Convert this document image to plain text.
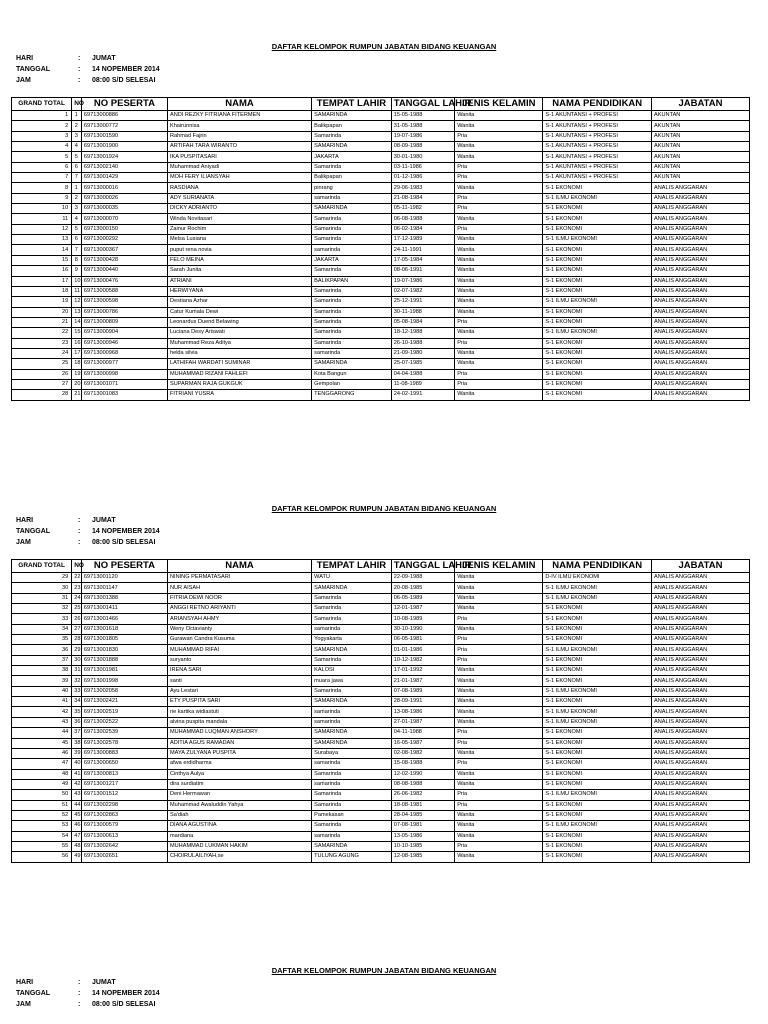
DAFTAR KELOMPOK RUMPUN JABATAN BIDANG KEUANGAN
HARI	:	JUMAT
TANGGAL	:	14 NOPEMBER 2014
JAM	:	08:00 S/D SELESAI
GRAND TOTAL	NO	NO PESERTA	NAMA	TEMPAT LAHIR	TANGGAL LAHIR	JENIS KELAMIN	NAMA PENDIDIKAN	JABATAN
1	1	69713000886	ANDI REZKY FITRIANA FITERMEN	SAMARINDA	15-05-1988	Wanita	S-1 AKUNTANSI + PROFESI	AKUNTAN
2	2	69713000772	Khairunnisa	Balikpapan	31-05-1988	Wanita	S-1 AKUNTANSI + PROFESI	AKUNTAN
3	3	69713001590	Rahmad Fajrin	Samarinda	19-07-1986	Pria	S-1 AKUNTANSI + PROFESI	AKUNTAN
4	4	69713001900	ARTIFAH TARA WIRANTO	SAMARINDA	08-09-1988	Wanita	S-1 AKUNTANSI + PROFESI	AKUNTAN
5	5	69713001924	IKA PUSPITASARI	JAKARTA	30-01-1980	Wanita	S-1 AKUNTANSI + PROFESI	AKUNTAN
6	6	69713002140	Muhammad Aniyadi	Samarinda	03-11-1986	Pria	S-1 AKUNTANSI + PROFESI	AKUNTAN
7	7	69713001429	MOH FERY ILIANSYAH	Balikpapan	01-12-1986	Pria	S-1 AKUNTANSI + PROFESI	AKUNTAN
8	1	69713000016	RASDIANA	pinrang	29-06-1983	Wanita	S-1 EKONOMI	ANALIS ANGGARAN
9	2	69713000026	ADY SURIANATA	samarinda	21-08-1984	Pria	S-1 ILMU EKONOMI	ANALIS ANGGARAN
10	3	69713000035	DICKY ADRIANTO	SAMARINDA	05-11-1982	Pria	S-1 EKONOMI	ANALIS ANGGARAN
11	4	69713000070	Winda Novitasari	Samarinda	06-08-1988	Wanita	S-1 EKONOMI	ANALIS ANGGARAN
12	5	69713000150	Zainur Rochim	Samarinda	06-02-1984	Pria	S-1 EKONOMI	ANALIS ANGGARAN
13	6	69713000292	Melsa Lusiana	Samarinda	17-12-1989	Wanita	S-1 ILMU EKONOMI	ANALIS ANGGARAN
14	7	69713000367	puput rena novia	samarinda	24-11-1991	Wanita	S-1 EKONOMI	ANALIS ANGGARAN
15	8	69713000428	FELO MEINA	JAKARTA	17-05-1984	Wanita	S-1 EKONOMI	ANALIS ANGGARAN
16	9	69713000440	Sarah Junita	Samarinda	08-06-1991	Wanita	S-1 EKONOMI	ANALIS ANGGARAN
17	10	69713000476	ATRIANI	BALIKPAPAN	19-07-1986	Wanita	S-1 EKONOMI	ANALIS ANGGARAN
18	11	69713000588	HERWIYANA	Samarinda	02-07-1982	Wanita	S-1 EKONOMI	ANALIS ANGGARAN
19	12	69713000598	Destiana Azhar	Samarinda	25-12-1991	Wanita	S-1 ILMU EKONOMI	ANALIS ANGGARAN
20	13	69713000786	Catur Kumala Dewi	Samarinda	30-11-1988	Wanita	S-1 EKONOMI	ANALIS ANGGARAN
21	14	69713000809	Leonardus Duend Belawing	Samarinda	05-08-1984	Pria	S-1 EKONOMI	ANALIS ANGGARAN
22	15	69713000904	Luciana Desy Ariswati	Samarinda	18-12-1988	Wanita	S-1 ILMU EKONOMI	ANALIS ANGGARAN
23	16	69713000946	Muhammad Reza Aditya	Samarinda	26-10-1988	Pria	S-1 EKONOMI	ANALIS ANGGARAN
24	17	69713000968	helda silvia	samarinda	21-09-1980	Wanita	S-1 EKONOMI	ANALIS ANGGARAN
25	18	69713000977	LATHIFAH WARDATI SUMINAR	SAMARINDA	25-07-1985	Wanita	S-1 EKONOMI	ANALIS ANGGARAN
26	19	69713000998	MUHAMMAD RIZANI FAHLEFI	Kota Bangun	04-04-1988	Pria	S-1 EKONOMI	ANALIS ANGGARAN
27	20	69713001071	SUPARMAN RAJA GUKGUK	Gempolan	11-08-1989	Pria	S-1 EKONOMI	ANALIS ANGGARAN
28	21	69713001083	FITRIANI YUSRA	TENGGARONG	24-02-1991	Wanita	S-1 EKONOMI	ANALIS ANGGARAN
DAFTAR KELOMPOK RUMPUN JABATAN BIDANG KEUANGAN
HARI	:	JUMAT
TANGGAL	:	14 NOPEMBER 2014
JAM	:	08:00 S/D SELESAI
GRAND TOTAL	NO	NO PESERTA	NAMA	TEMPAT LAHIR	TANGGAL LAHIR	JENIS KELAMIN	NAMA PENDIDIKAN	JABATAN
29	22	69713001120	NINING PERMATASARI	WATU	22-09-1988	Wanita	D-IV ILMU EKONOMI	ANALIS ANGGARAN
30	23	69713001147	NUR AISAH	SAMARINDA	20-08-1985	Wanita	S-1 ILMU EKONOMI	ANALIS ANGGARAN
31	24	69713001388	FITRIA DEWI NOOR	Samarinda	06-05-1989	Wanita	S-1 ILMU EKONOMI	ANALIS ANGGARAN
32	25	69713001411	ANGGI RETNO ARIYANTI	Samarinda	12-01-1987	Wanita	S-1 EKONOMI	ANALIS ANGGARAN
33	26	69713001466	ARIANSYAH AHMY	Samarinda	10-08-1989	Pria	S-1 EKONOMI	ANALIS ANGGARAN
34	27	69713001618	Weny Octavianty	samarinda	30-10-1990	Wanita	S-1 EKONOMI	ANALIS ANGGARAN
35	28	69713001805	Gurawan Candra Kusuma	Yogyakarta	06-05-1981	Pria	S-1 EKONOMI	ANALIS ANGGARAN
36	29	69713001830	MUHAMMAD RIFAI	SAMARINDA	01-01-1986	Pria	S-1 ILMU EKONOMI	ANALIS ANGGARAN
37	30	69713001888	suryanto	Samarinda	10-12-1982	Pria	S-1 EKONOMI	ANALIS ANGGARAN
38	31	69713001981	IRENA SARI	KALOSI	17-01-1992	Wanita	S-1 EKONOMI	ANALIS ANGGARAN
39	32	69713001998	santi	muara jawa	21-01-1987	Wanita	S-1 EKONOMI	ANALIS ANGGARAN
40	33	69713002058	Ayu Lestari	Samarinda	07-08-1989	Wanita	S-1 ILMU EKONOMI	ANALIS ANGGARAN
41	34	69713002421	ETY PUSPITA SARI	SAMARINDA	28-09-1991	Wanita	S-1 EKONOMI	ANALIS ANGGARAN
42	35	69713002519	rie kartika widiastuti	samarinda	13-08-1986	Wanita	S-1 ILMU EKONOMI	ANALIS ANGGARAN
43	36	69713002522	alvina puspita mandala	samarinda	27-01-1987	Wanita	S-1 ILMU EKONOMI	ANALIS ANGGARAN
44	37	69713002539	MUHAMMAD LUQMAN ANSHORY	SAMARINDA	04-11-1988	Pria	S-1 EKONOMI	ANALIS ANGGARAN
45	38	69713002578	ADITIA AGUS RAMADAN	SAMARINDA	16-05-1987	Pria	S-1 EKONOMI	ANALIS ANGGARAN
46	39	69713000883	MAYA ZULYANA PUSPITA	Surabaya	02-08-1982	Wanita	S-1 EKONOMI	ANALIS ANGGARAN
47	40	69713000650	afwa erdidharma	samarinda	15-08-1988	Pria	S-1 EKONOMI	ANALIS ANGGARAN
48	41	69713000813	Cinthya Aulya	Samarinda	12-02-1990	Wanita	S-1 EKONOMI	ANALIS ANGGARAN
49	42	69713001217	dira surdiatim	samarinda	08-08-1988	Wanita	S-1 EKONOMI	ANALIS ANGGARAN
50	43	69713001512	Deni Hermawan	Samarinda	26-06-1982	Pria	S-1 ILMU EKONOMI	ANALIS ANGGARAN
51	44	69713002298	Muhammad Awaluddin Yahya	Samarinda	18-08-1981	Pria	S-1 EKONOMI	ANALIS ANGGARAN
52	45	69713002863	Sa'diah	Pamekasan	28-04-1985	Wanita	S-1 EKONOMI	ANALIS ANGGARAN
53	46	69713000579	DIANA AGUSTINA	Samarinda	07-08-1981	Wanita	S-1 ILMU EKONOMI	ANALIS ANGGARAN
54	47	69713000613	mardiana	samarinda	13-05-1986	Wanita	S-1 EKONOMI	ANALIS ANGGARAN
55	48	69713002642	MUHAMMAD LUKMAN HAKIM	SAMARINDA	10-10-1985	Pria	S-1 EKONOMI	ANALIS ANGGARAN
56	49	69713002651	CHOIRULAILIYAH,se	TULUNG AGUNG	12-08-1985	Wanita	S-1 EKONOMI	ANALIS ANGGARAN
DAFTAR KELOMPOK RUMPUN JABATAN BIDANG KEUANGAN
HARI	:	JUMAT
TANGGAL	:	14 NOPEMBER 2014
JAM	:	08:00 S/D SELESAI
